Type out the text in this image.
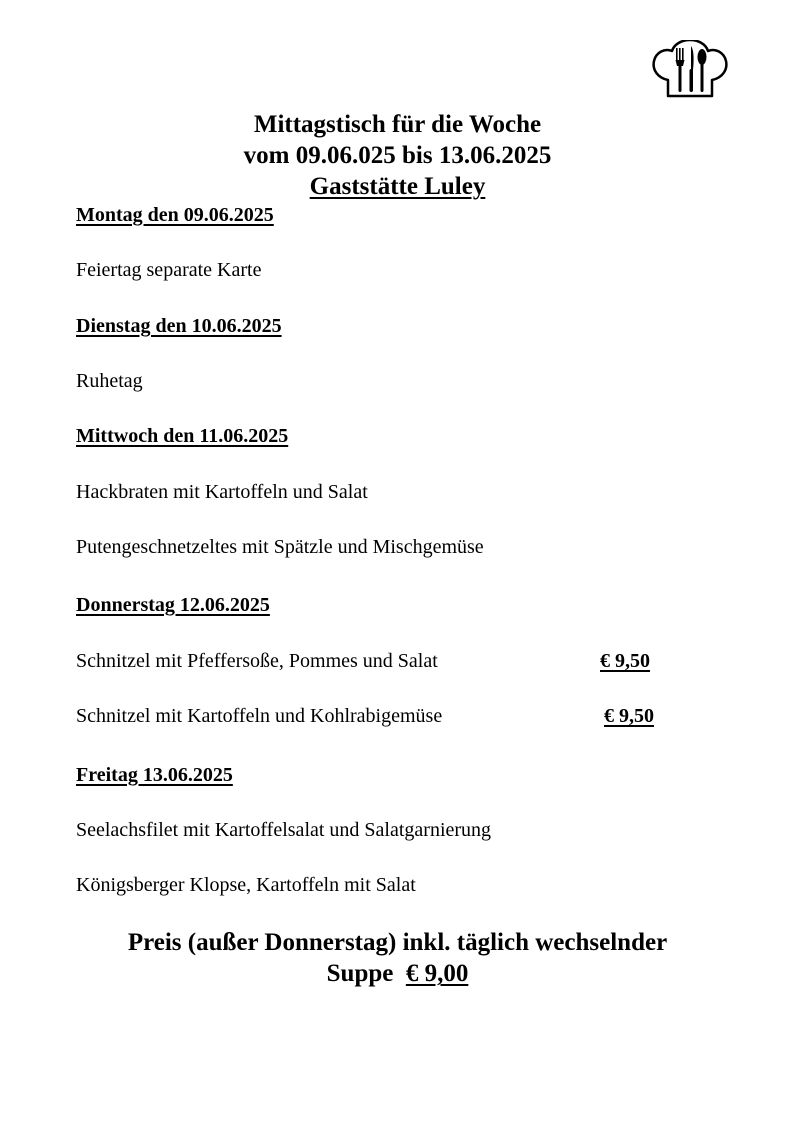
Mittagstisch für die Woche
vom 09.06.025 bis 13.06.2025
Gaststätte Luley
Montag den 09.06.2025
Feiertag separate Karte
Dienstag den 10.06.2025
Ruhetag
Mittwoch den 11.06.2025
Hackbraten mit Kartoffeln und Salat
Putengeschnetzeltes mit Spätzle und Mischgemüse
Donnerstag 12.06.2025
Schnitzel mit Pfeffersoße, Pommes und Salat	€ 9,50
Schnitzel mit Kartoffeln und Kohlrabigemüse	€ 9,50
Freitag 13.06.2025
Seelachsfilet mit Kartoffelsalat und Salatgarnierung
Königsberger Klopse, Kartoffeln mit Salat
Preis (außer Donnerstag) inkl. täglich wechselnder
Suppe  € 9,00
